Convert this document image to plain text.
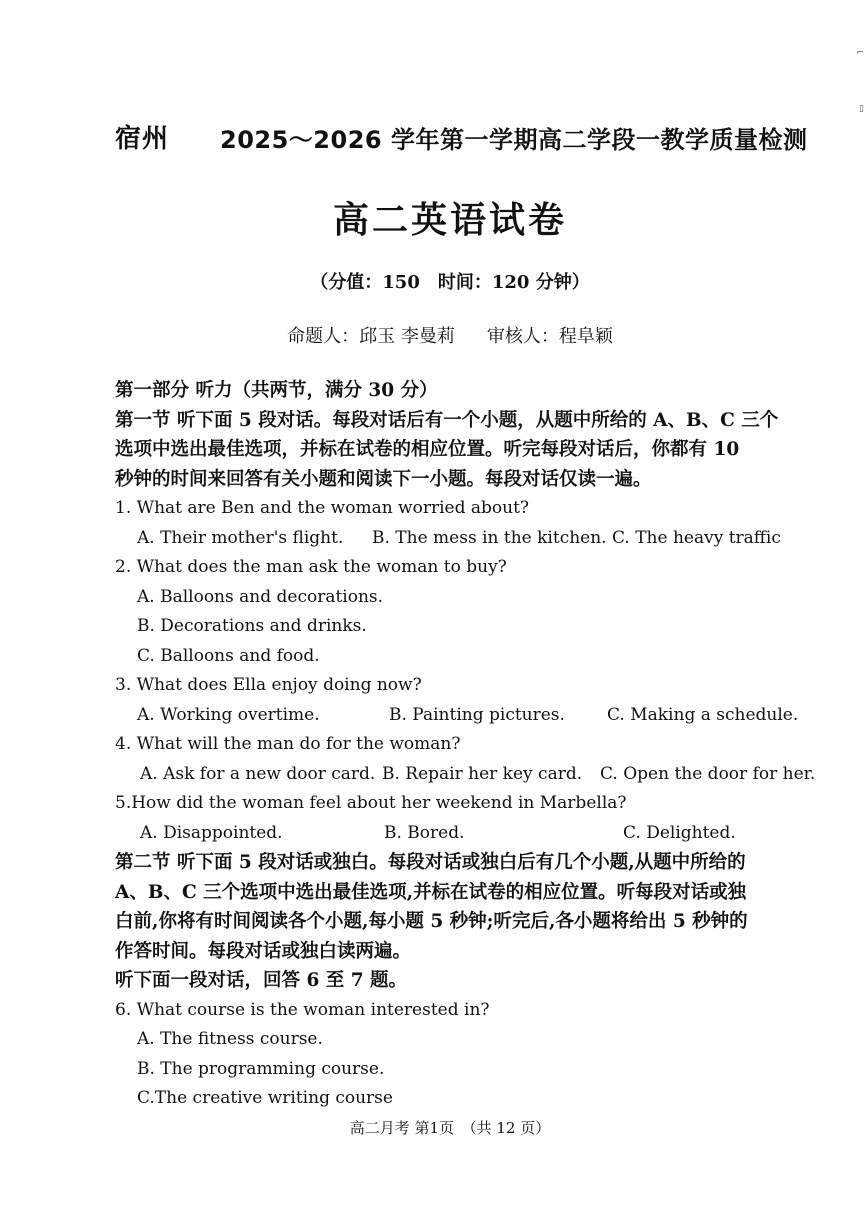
⌐
▯
宿州 2025～2026 学年第一学期高二学段一教学质量检测
高二英语试卷
（分值：150　时间：120 分钟）
命题人：邱玉 李曼莉 审核人：程阜颖
第一部分 听力（共两节，满分 30 分）
第一节 听下面 5 段对话。每段对话后有一个小题，从题中所给的 A、B、C 三个
选项中选出最佳选项，并标在试卷的相应位置。听完每段对话后，你都有 10
秒钟的时间来回答有关小题和阅读下一小题。每段对话仅读一遍。
1. What are Ben and the woman worried about?
A. Their mother's flight. B. The mess in the kitchen. C. The heavy traffic
2. What does the man ask the woman to buy?
A. Balloons and decorations.
B. Decorations and drinks.
C. Balloons and food.
3. What does Ella enjoy doing now?
A. Working overtime.	B. Painting pictures. C. Making a schedule.
4. What will the man do for the woman?
A. Ask for a new door card. B. Repair her key card. C. Open the door for her.
5.How did the woman feel about her weekend in Marbella?
A. Disappointed.	B. Bored.	C. Delighted.
第二节 听下面 5 段对话或独白。每段对话或独白后有几个小题,从题中所给的
A、B、C 三个选项中选出最佳选项,并标在试卷的相应位置。听每段对话或独
白前,你将有时间阅读各个小题,每小题 5 秒钟;听完后,各小题将给出 5 秒钟的
作答时间。每段对话或独白读两遍。
听下面一段对话，回答 6 至 7 题。
6. What course is the woman interested in?
A. The fitness course.
B. The programming course.
C.The creative writing course
高二月考 第1页　（共 12 页）
